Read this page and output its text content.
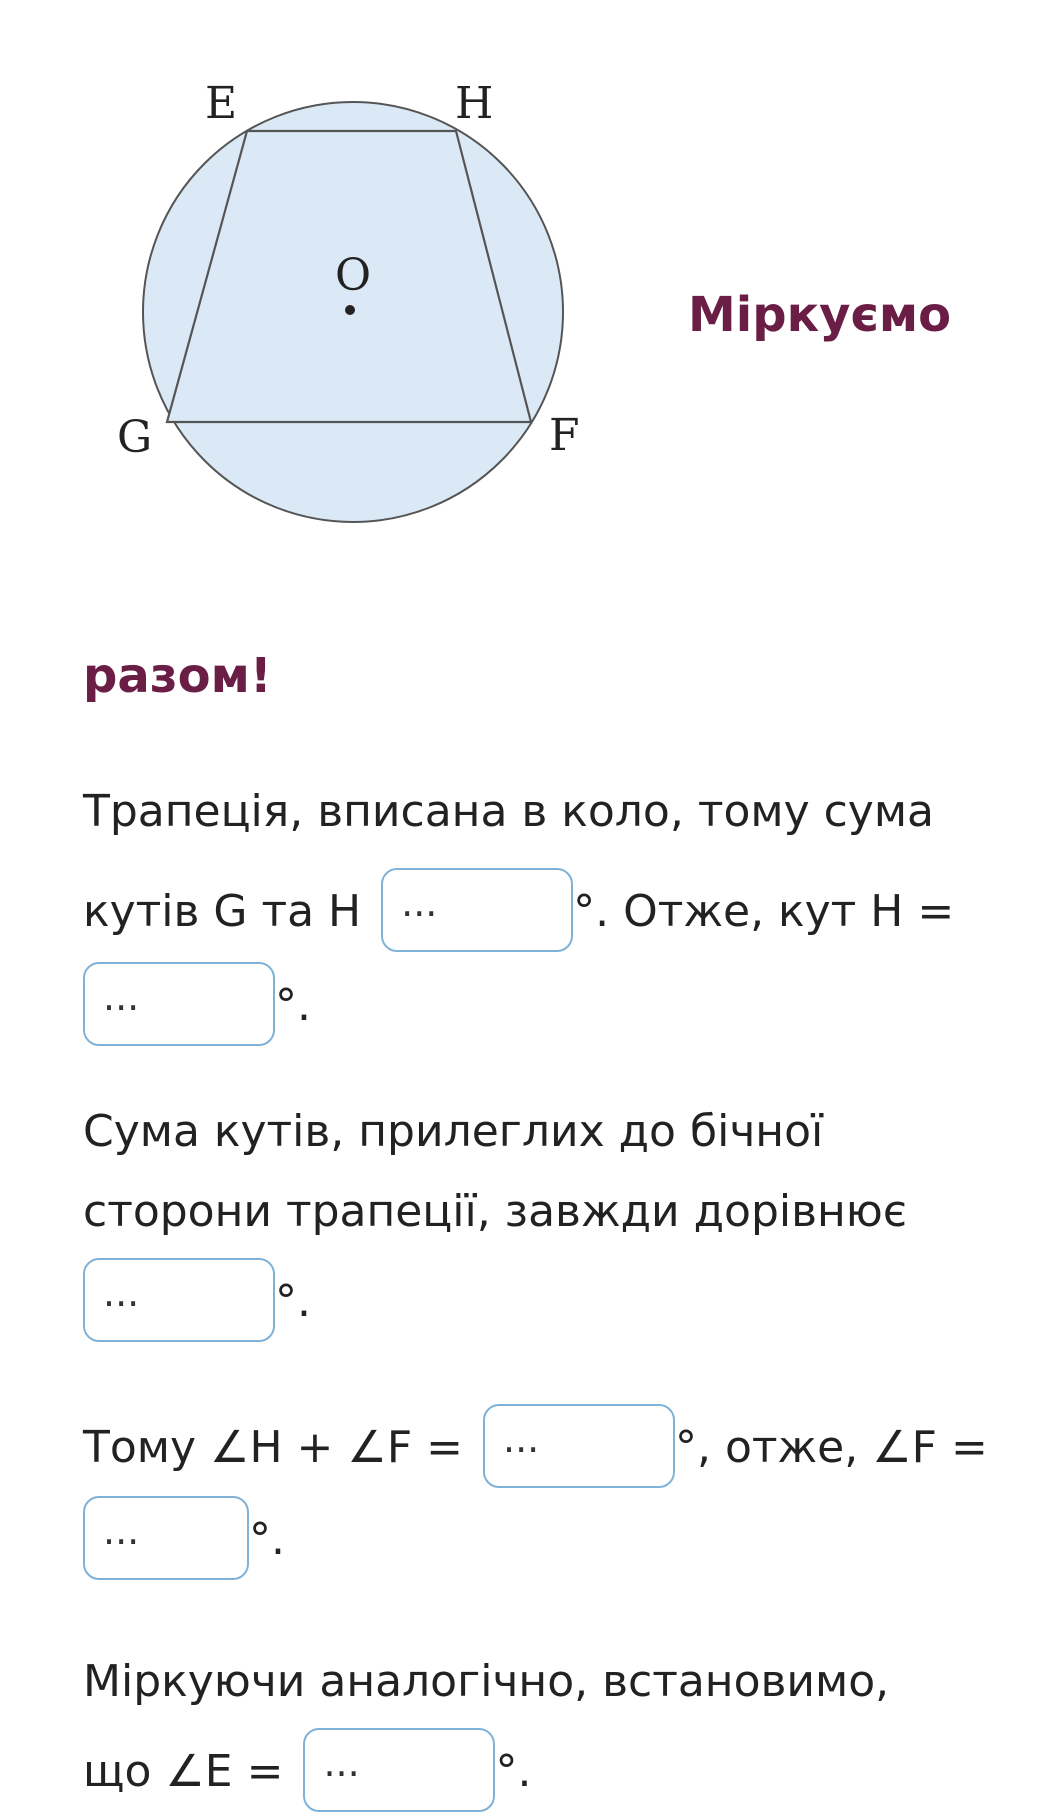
E	H
O
G	F
Міркуємо
разом!
Трапеція, вписана в коло, тому сума
кутів G та H ...	°. Отже, кут H =
...	°.
Сума кутів, прилеглих до бічної
сторони трапеції, завжди дорівнює
...	°.
Тому ∠H + ∠F = ...	°, отже, ∠F =
... °.
Міркуючи аналогічно, встановимо,
що ∠E = ...	°.
